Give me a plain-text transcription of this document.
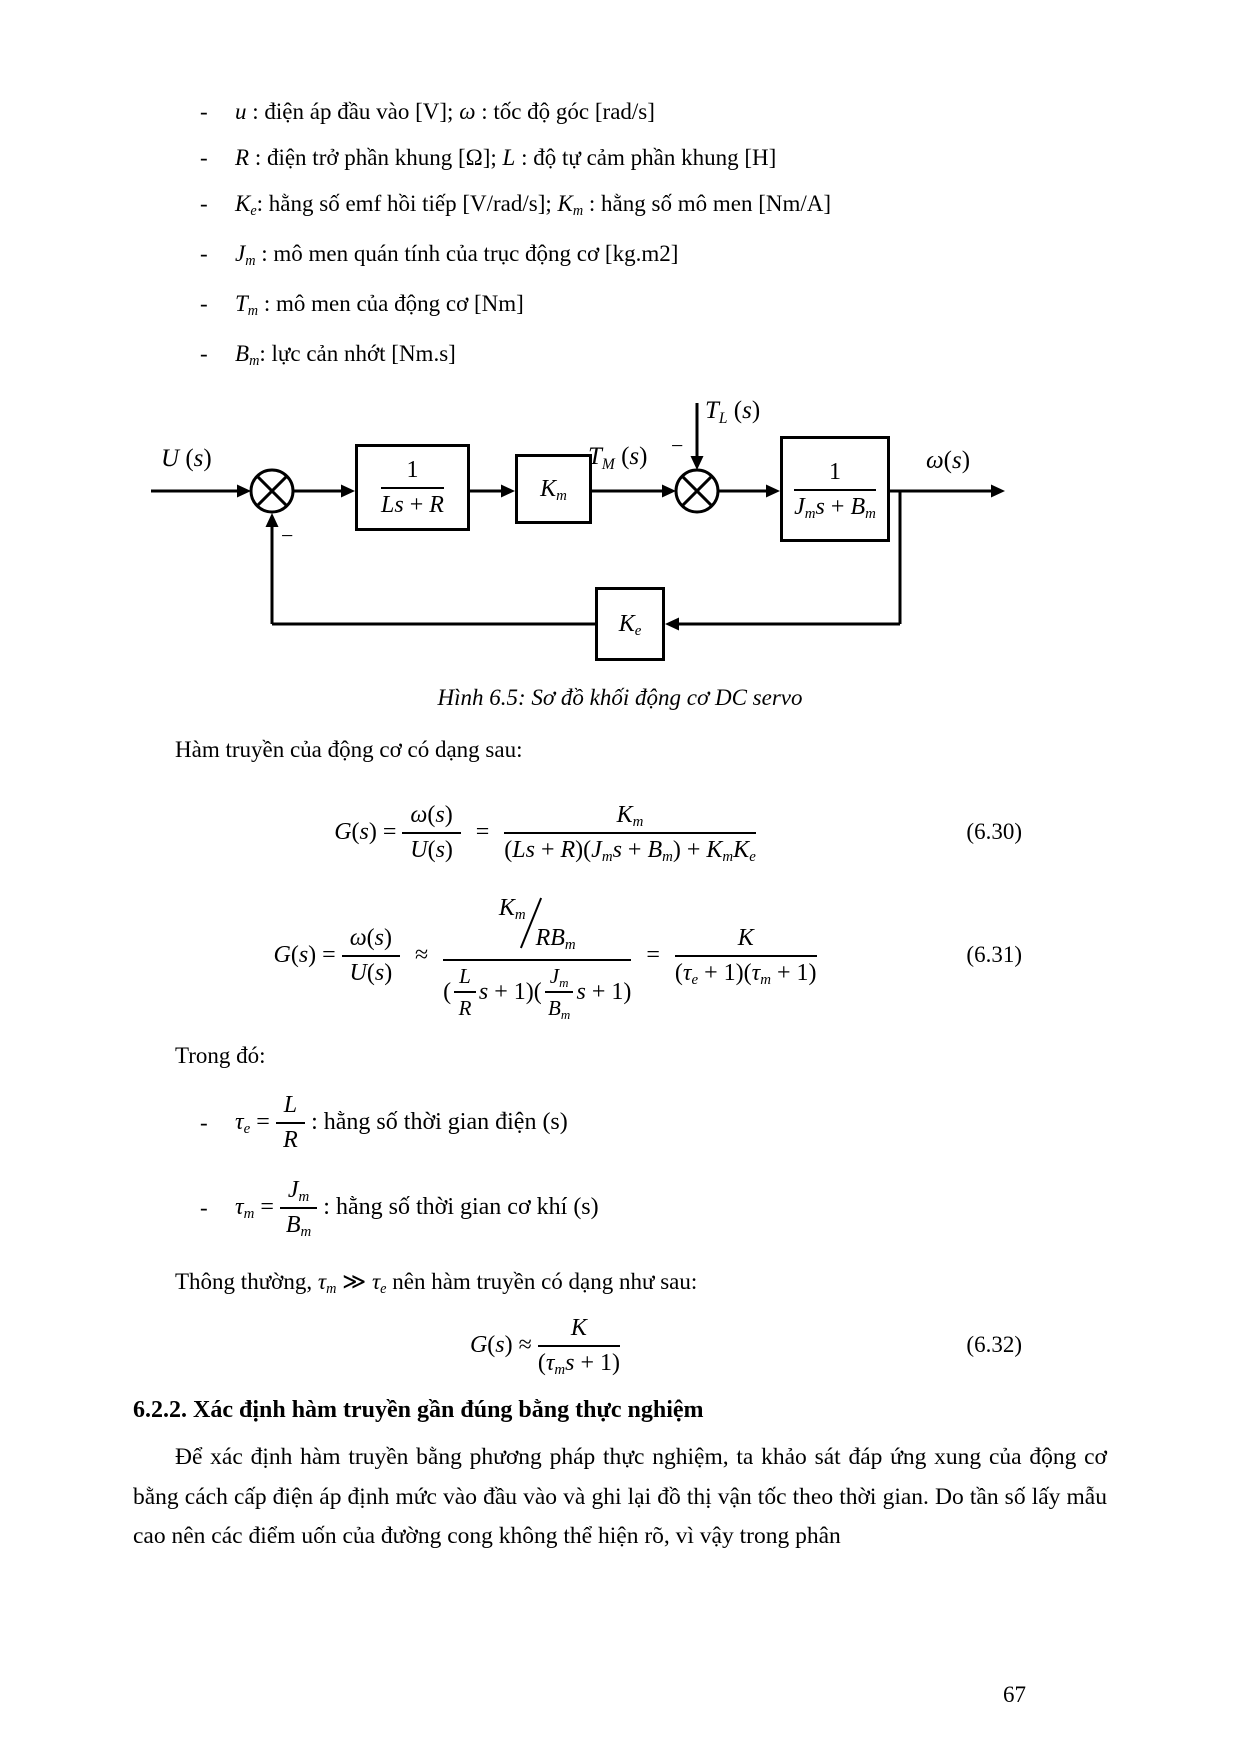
-	u : điện áp đầu vào [V]; ω : tốc độ góc [rad/s]
-	R : điện trở phần khung [Ω]; L : độ tự cảm phần khung [H]
-	$K_e$: hằng số emf hồi tiếp [V/rad/s]; $K_m$ : hằng số mô men [Nm/A]
-	$J_m$ : mô men quán tính của trục động cơ [kg.m2]
-	$T_m$ : mô men của động cơ [Nm]
-	$B_m$: lực cản nhớt [Nm.s]
U (s)	$\frac{1}{Ls + R}$	$K_m$
$T_M$ (s)
$T_L$ (s)
−
$\frac{1}{J_ms + B_m} \omega(s)$
$K_e$
−
Hình 6.5: Sơ đồ khối động cơ DC servo

Hàm truyền của động cơ có dạng sau:

$G(s) = \frac{\omega(s)}{U(s)} = \frac{K_m}{(Ls + R)(J_ms + B_m) + K_mK_e}$	(6.30)
$G(s) = \frac{\omega(s)}{U(s)}$ ≈
$K_m$
$RB_m$
( $\frac{L}{R}$ $s + 1)( \frac{J_m}{B_m}$ s + 1)
= $\frac{K}{(\tau_e + 1)(\tau_m + 1)}$	(6.31)

Trong đó:

-	$\tau_e = \frac{L}{R}$ : hằng số thời gian điện (s)
-	$\tau_m = \frac{J_m}{B_m}$ : hằng số thời gian cơ khí (s)

Thông thường, $\tau_m$ ≫ $\tau_e$ nên hàm truyền có dạng như sau:

$G(s) \approx \frac{K}{(\tau_ms + 1)}$	(6.32)
6.2.2. Xác định hàm truyền gần đúng bằng thực nghiệm

Để xác định hàm truyền bằng phương pháp thực nghiệm, ta khảo sát đáp ứng xung của động cơ bằng cách cấp điện áp định mức vào đầu vào và ghi lại đồ thị vận tốc theo thời gian. Do tần số lấy mẫu cao nên các điểm uốn của đường cong không thể hiện rõ, vì vậy trong phân

67
